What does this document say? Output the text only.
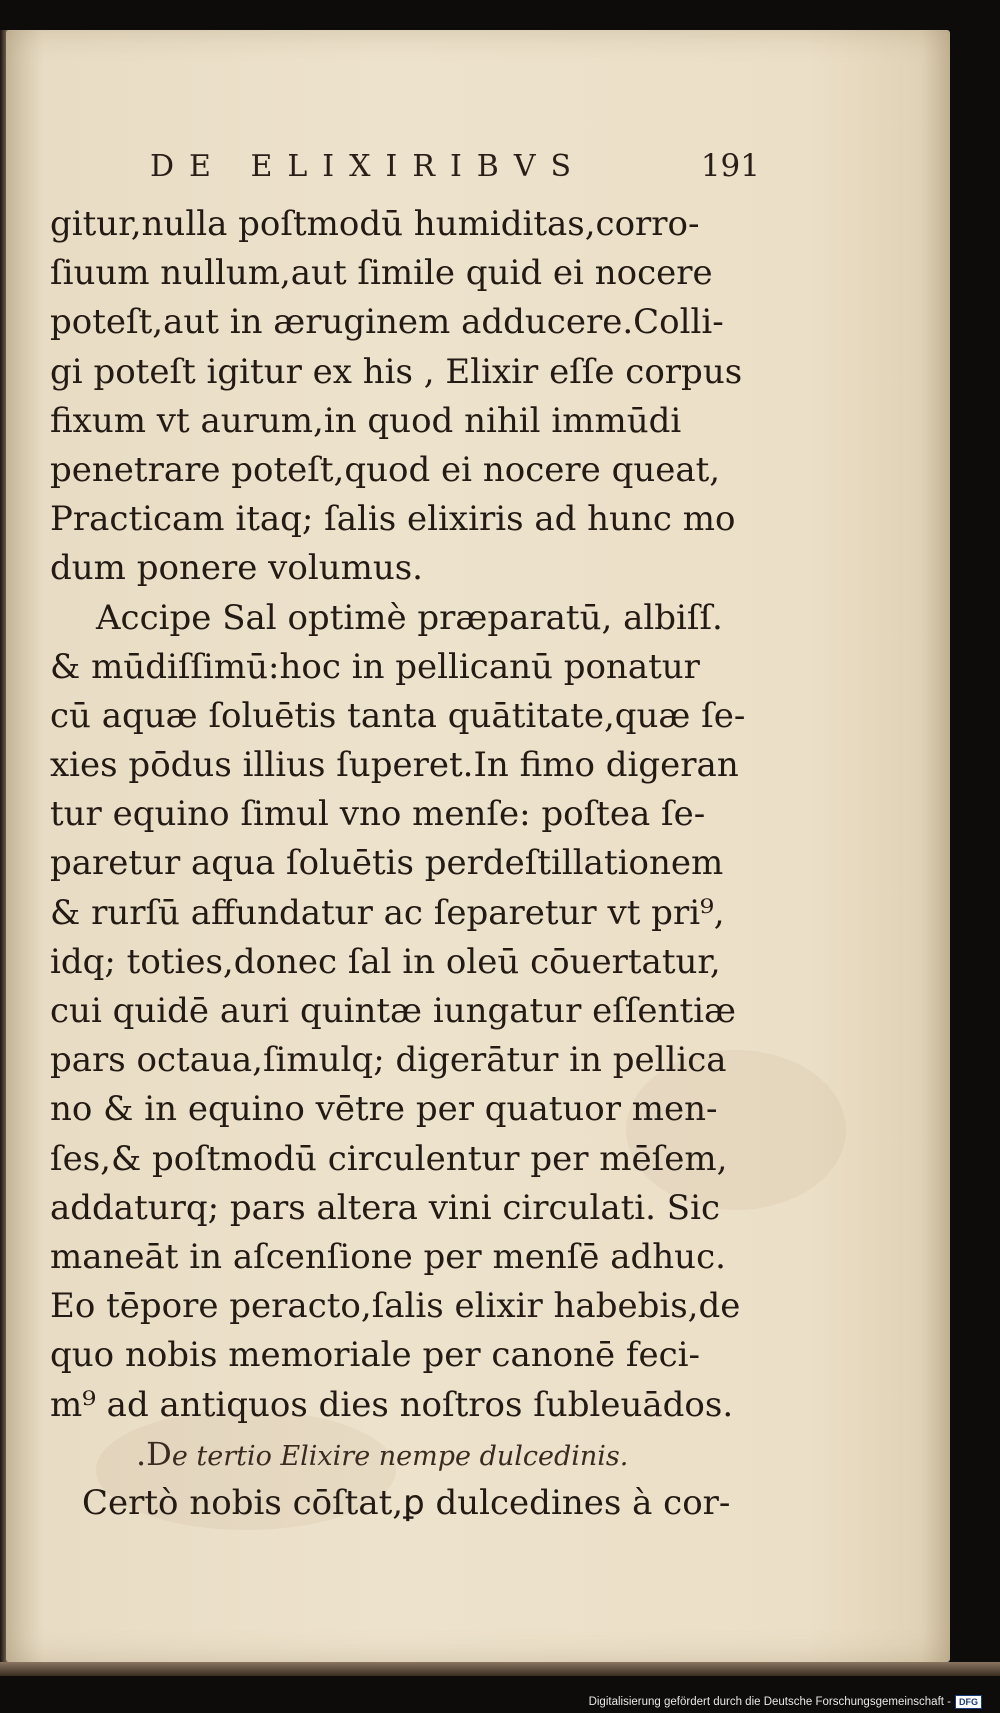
DE ELIXIRIBVS	191
gitur,nulla poſtmodū humiditas,corro-
ſiuum nullum,aut ſimile quid ei nocere
poteſt,aut in æruginem adducere.Colli-
gi poteſt igitur ex his , Elixir eſſe corpus
fixum vt aurum,in quod nihil immūdi
penetrare poteſt,quod ei nocere queat,
Practicam itaq; ſalis elixiris ad hunc mo
dum ponere volumus.
Accipe Sal optimè præparatū, albiſſ.
& mūdiſſimū:hoc in pellicanū ponatur
cū aquæ ſoluētis tanta quātitate,quæ ſe-
xies pōdus illius ſuperet.In fimo digeran
tur equino ſimul vno menſe: poſtea ſe-
paretur aqua ſoluētis perdeſtillationem
& rurſū affundatur ac ſeparetur vt pri⁹,
idq; toties,donec ſal in oleū cōuertatur,
cui quidē auri quintæ iungatur eſſentiæ
pars octaua,ſimulq; digerātur in pellica
no & in equino vētre per quatuor men-
ſes,& poſtmodū circulentur per mēſem,
addaturq; pars altera vini circulati. Sic
maneāt in aſcenſione per menſē adhuc.
Eo tēpore peracto,ſalis elixir habebis,de
quo nobis memoriale per canonē feci-
m⁹ ad antiquos dies noſtros ſubleuādos.
.De tertio Elixire nempe dulcedinis.
Certò nobis cōſtat,ꝑ dulcedines à cor-
Digitalisierung gefördert durch die Deutsche Forschungsgemeinschaft - DFG
